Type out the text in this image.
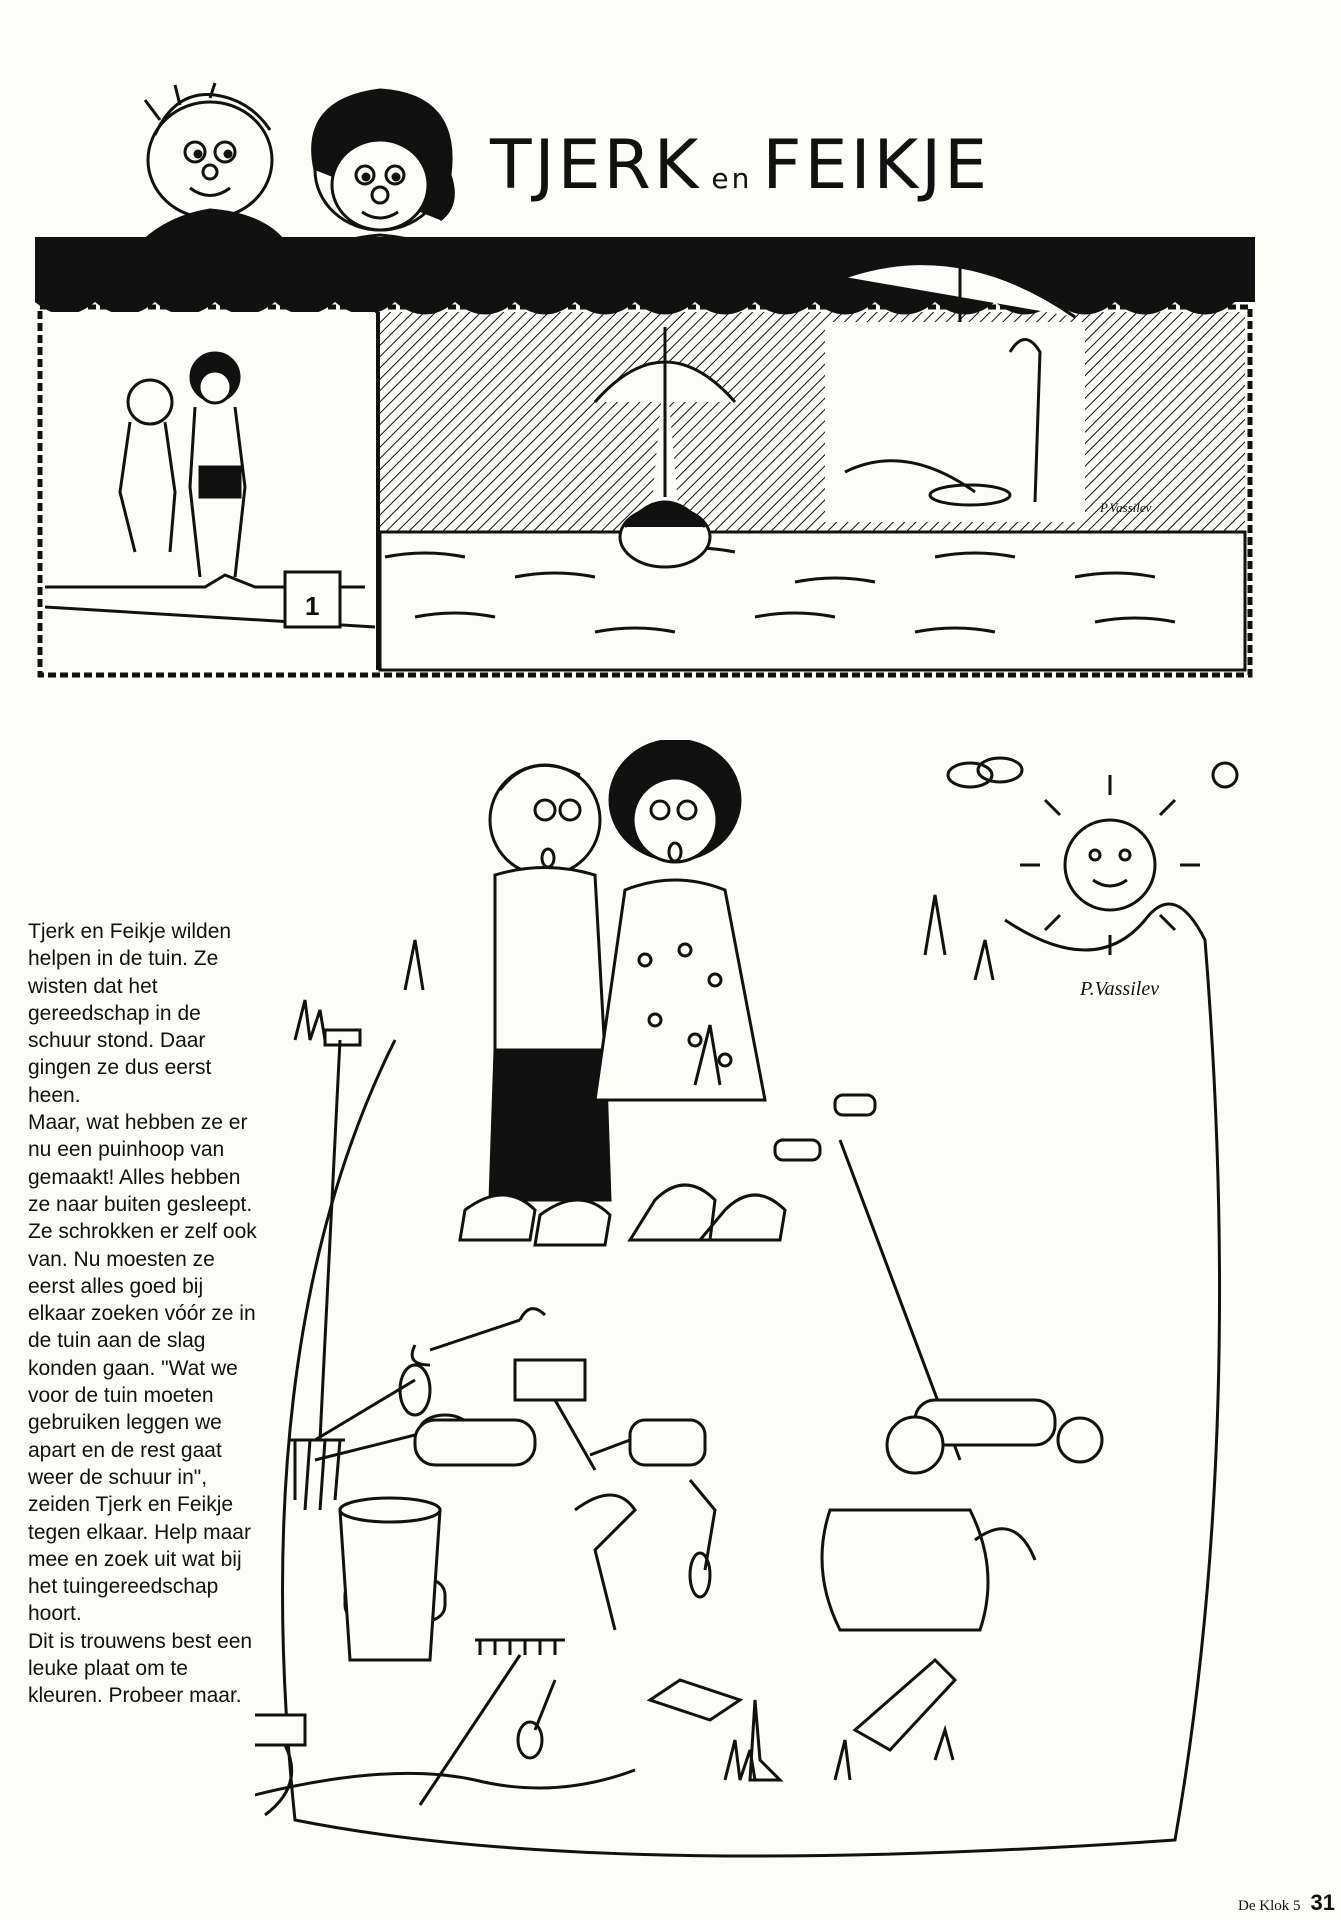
TJERK en FEIKJE
1
P.Vassilev
P.Vassilev

Tjerk en Feikje wilden helpen in de tuin. Ze wisten dat het gereedschap in de schuur stond. Daar gingen ze dus eerst heen.

Maar, wat hebben ze er nu een puinhoop van gemaakt! Alles hebben ze naar buiten gesleept. Ze schrokken er zelf ook van. Nu moesten ze eerst alles goed bij elkaar zoeken vóór ze in de tuin aan de slag konden gaan. "Wat we voor de tuin moeten gebruiken leggen we apart en de rest gaat weer de schuur in", zeiden Tjerk en Feikje tegen elkaar. Help maar mee en zoek uit wat bij het tuingereedschap hoort.

Dit is trouwens best een leuke plaat om te kleuren. Probeer maar.

De Klok 5 31
